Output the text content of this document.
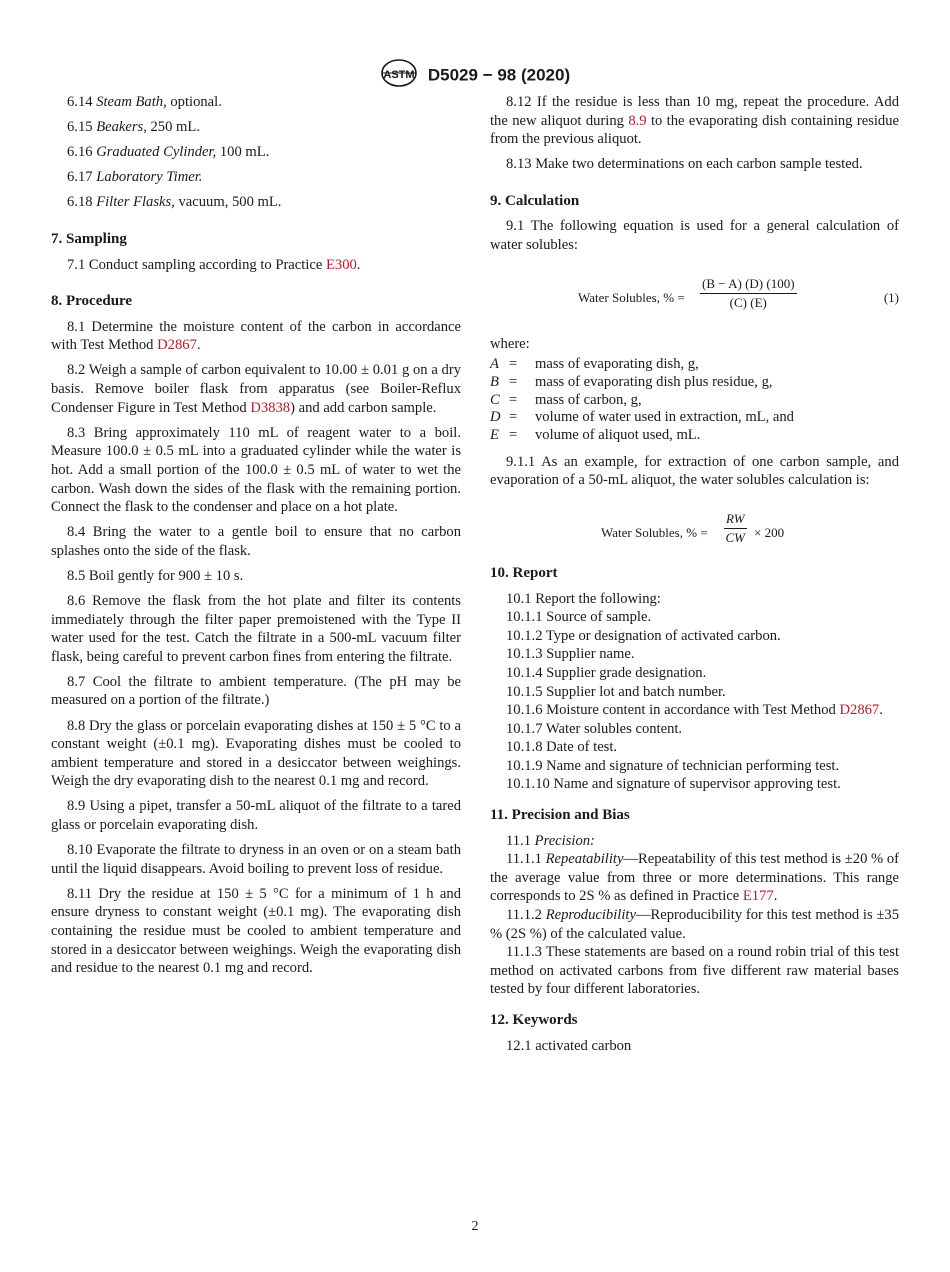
ASTM D5029 − 98 (2020)

6.14 Steam Bath, optional.

6.15 Beakers, 250 mL.

6.16 Graduated Cylinder, 100 mL.

6.17 Laboratory Timer.

6.18 Filter Flasks, vacuum, 500 mL.

7. Sampling

7.1 Conduct sampling according to Practice E300.

8. Procedure

8.1 Determine the moisture content of the carbon in accordance with Test Method D2867.

8.2 Weigh a sample of carbon equivalent to 10.00 ± 0.01 g on a dry basis. Remove boiler flask from apparatus (see Boiler-Reflux Condenser Figure in Test Method D3838) and add carbon sample.

8.3 Bring approximately 110 mL of reagent water to a boil. Measure 100.0 ± 0.5 mL into a graduated cylinder while the water is hot. Add a small portion of the 100.0 ± 0.5 mL of water to wet the carbon. Wash down the sides of the flask with the remaining portion. Connect the flask to the condenser and place on a hot plate.

8.4 Bring the water to a gentle boil to ensure that no carbon splashes onto the side of the flask.

8.5 Boil gently for 900 ± 10 s.

8.6 Remove the flask from the hot plate and filter its contents immediately through the filter paper premoistened with the Type II water used for the test. Catch the filtrate in a 500-mL vacuum filter flask, being careful to prevent carbon fines from entering the filtrate.

8.7 Cool the filtrate to ambient temperature. (The pH may be measured on a portion of the filtrate.)

8.8 Dry the glass or porcelain evaporating dishes at 150 ± 5 °C to a constant weight (±0.1 mg). Evaporating dishes must be cooled to ambient temperature and stored in a desiccator between weighings. Weigh the dry evaporating dish to the nearest 0.1 mg and record.

8.9 Using a pipet, transfer a 50-mL aliquot of the filtrate to a tared glass or porcelain evaporating dish.

8.10 Evaporate the filtrate to dryness in an oven or on a steam bath until the liquid disappears. Avoid boiling to prevent loss of residue.

8.11 Dry the residue at 150 ± 5 °C for a minimum of 1 h and ensure dryness to constant weight (±0.1 mg). The evaporating dish containing the residue must be cooled to ambient temperature and stored in a desiccator between weighings. Weigh the evaporating dish and residue to the nearest 0.1 mg and record.

8.12 If the residue is less than 10 mg, repeat the procedure. Add the new aliquot during 8.9 to the evaporating dish containing residue from the previous aliquot.

8.13 Make two determinations on each carbon sample tested.

9. Calculation

9.1 The following equation is used for a general calculation of water solubles:

Water Solubles, % = $\frac{(B - A) (D) (100)}{(C) (E)}$	(1)

where:

A =	mass of evaporating dish, g,
B =	mass of evaporating dish plus residue, g,
C =	mass of carbon, g,
D =	volume of water used in extraction, mL, and
E =	volume of aliquot used, mL.

9.1.1 As an example, for extraction of one carbon sample, and evaporation of a 50-mL aliquot, the water solubles calculation is:

Water Solubles, % = $\frac{RW}{CW} \times 200$
10. Report

10.1 Report the following:

10.1.1 Source of sample.

10.1.2 Type or designation of activated carbon.

10.1.3 Supplier name.

10.1.4 Supplier grade designation.

10.1.5 Supplier lot and batch number.

10.1.6 Moisture content in accordance with Test Method D2867.

10.1.7 Water solubles content.

10.1.8 Date of test.

10.1.9 Name and signature of technician performing test.

10.1.10 Name and signature of supervisor approving test.

11. Precision and Bias

11.1 Precision:

11.1.1 Repeatability—Repeatability of this test method is ±20 % of the average value from three or more determinations. This range corresponds to 2S % as defined in Practice E177.

11.1.2 Reproducibility—Reproducibility for this test method is ±35 % (2S %) of the calculated value.

11.1.3 These statements are based on a round robin trial of this test method on activated carbons from five different raw material bases tested by four different laboratories.

12. Keywords

12.1 activated carbon

2
